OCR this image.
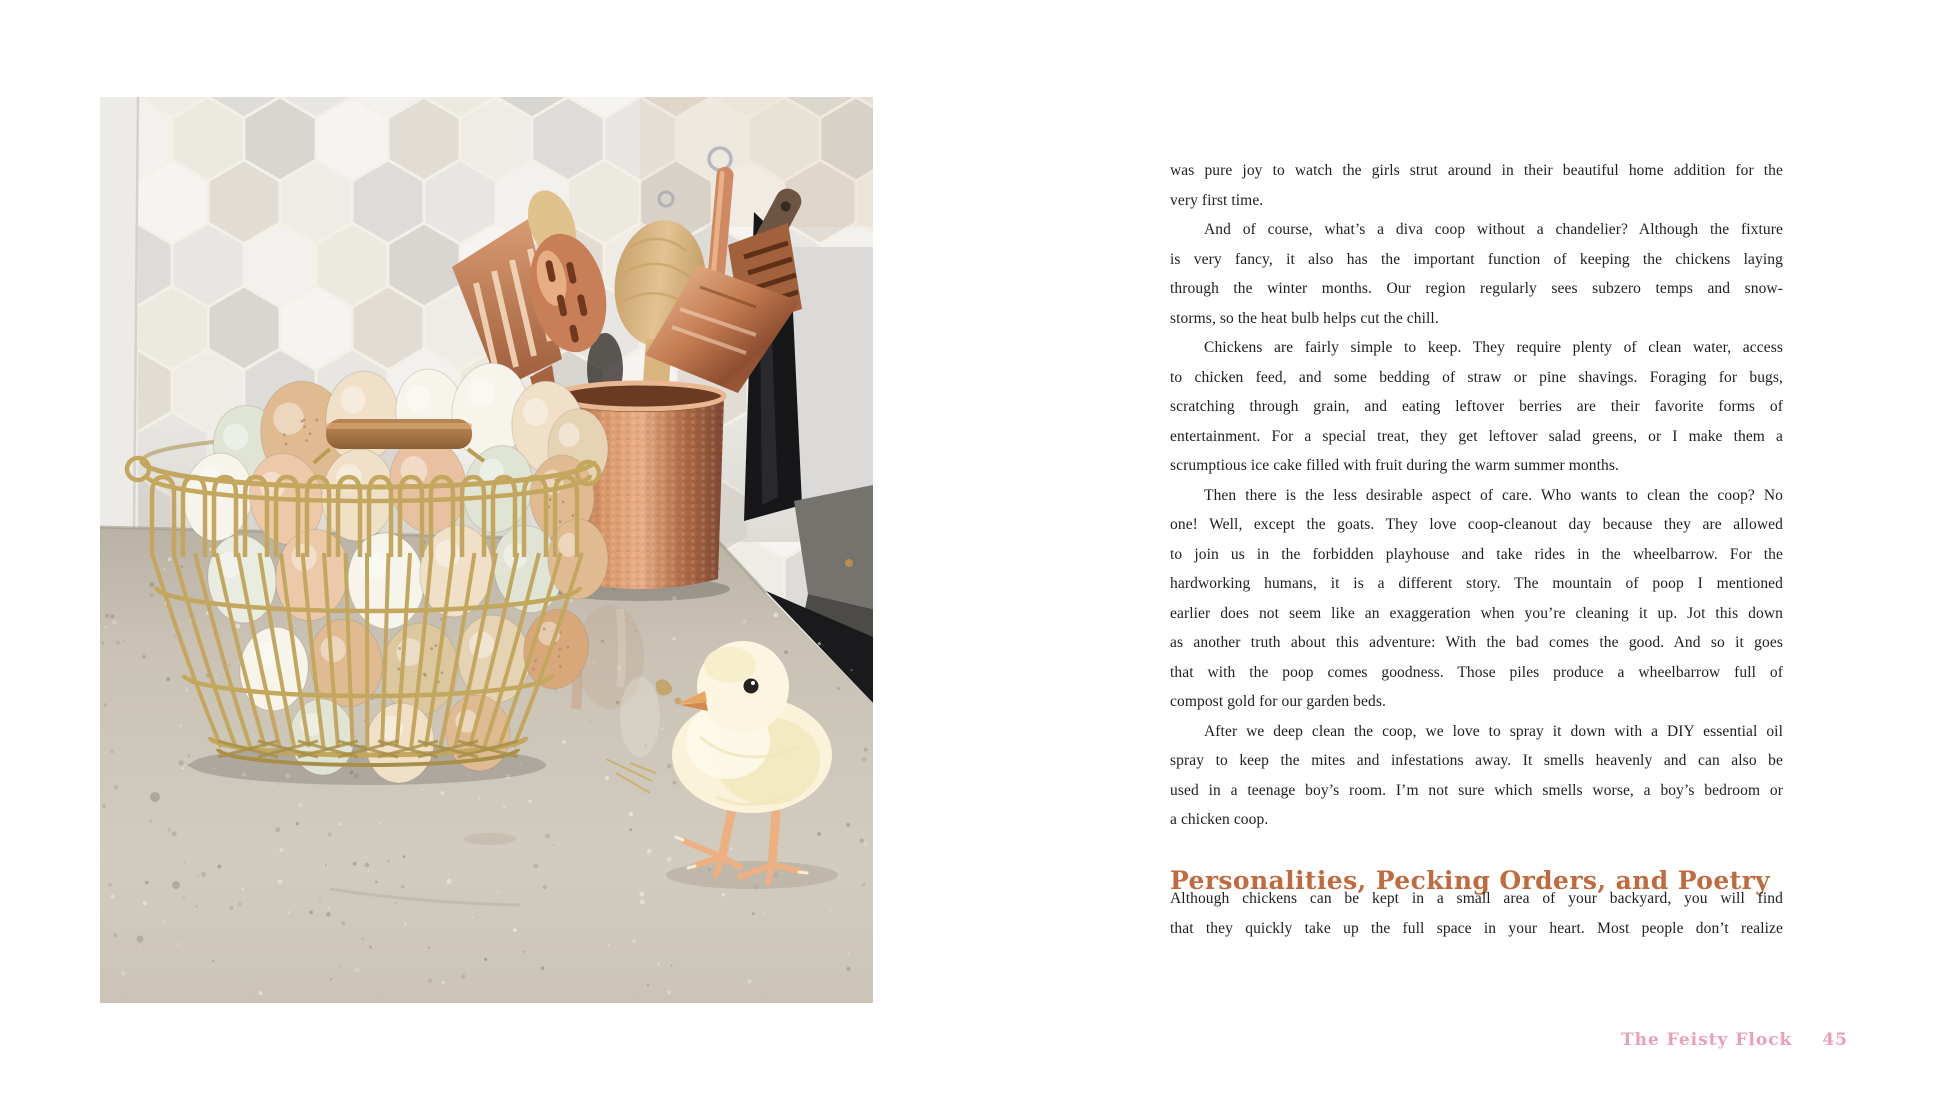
was pure joy to watch the girls strut around in their beautiful home addition for the
very first time.
And of course, what’s a diva coop without a chandelier? Although the fixture
is very fancy, it also has the important function of keeping the chickens laying
through the winter months. Our region regularly sees subzero temps and snow-
storms, so the heat bulb helps cut the chill.
Chickens are fairly simple to keep. They require plenty of clean water, access
to chicken feed, and some bedding of straw or pine shavings. Foraging for bugs,
scratching through grain, and eating leftover berries are their favorite forms of
entertainment. For a special treat, they get leftover salad greens, or I make them a
scrumptious ice cake filled with fruit during the warm summer months.
Then there is the less desirable aspect of care. Who wants to clean the coop? No
one! Well, except the goats. They love coop-cleanout day because they are allowed
to join us in the forbidden playhouse and take rides in the wheelbarrow. For the
hardworking humans, it is a different story. The mountain of poop I mentioned
earlier does not seem like an exaggeration when you’re cleaning it up. Jot this down
as another truth about this adventure: With the bad comes the good. And so it goes
that with the poop comes goodness. Those piles produce a wheelbarrow full of
compost gold for our garden beds.
After we deep clean the coop, we love to spray it down with a DIY essential oil
spray to keep the mites and infestations away. It smells heavenly and can also be
used in a teenage boy’s room. I’m not sure which smells worse, a boy’s bedroom or
a chicken coop.
Personalities, Pecking Orders, and Poetry
Although chickens can be kept in a small area of your backyard, you will find
that they quickly take up the full space in your heart. Most people don’t realize
The Feisty Flock 45
